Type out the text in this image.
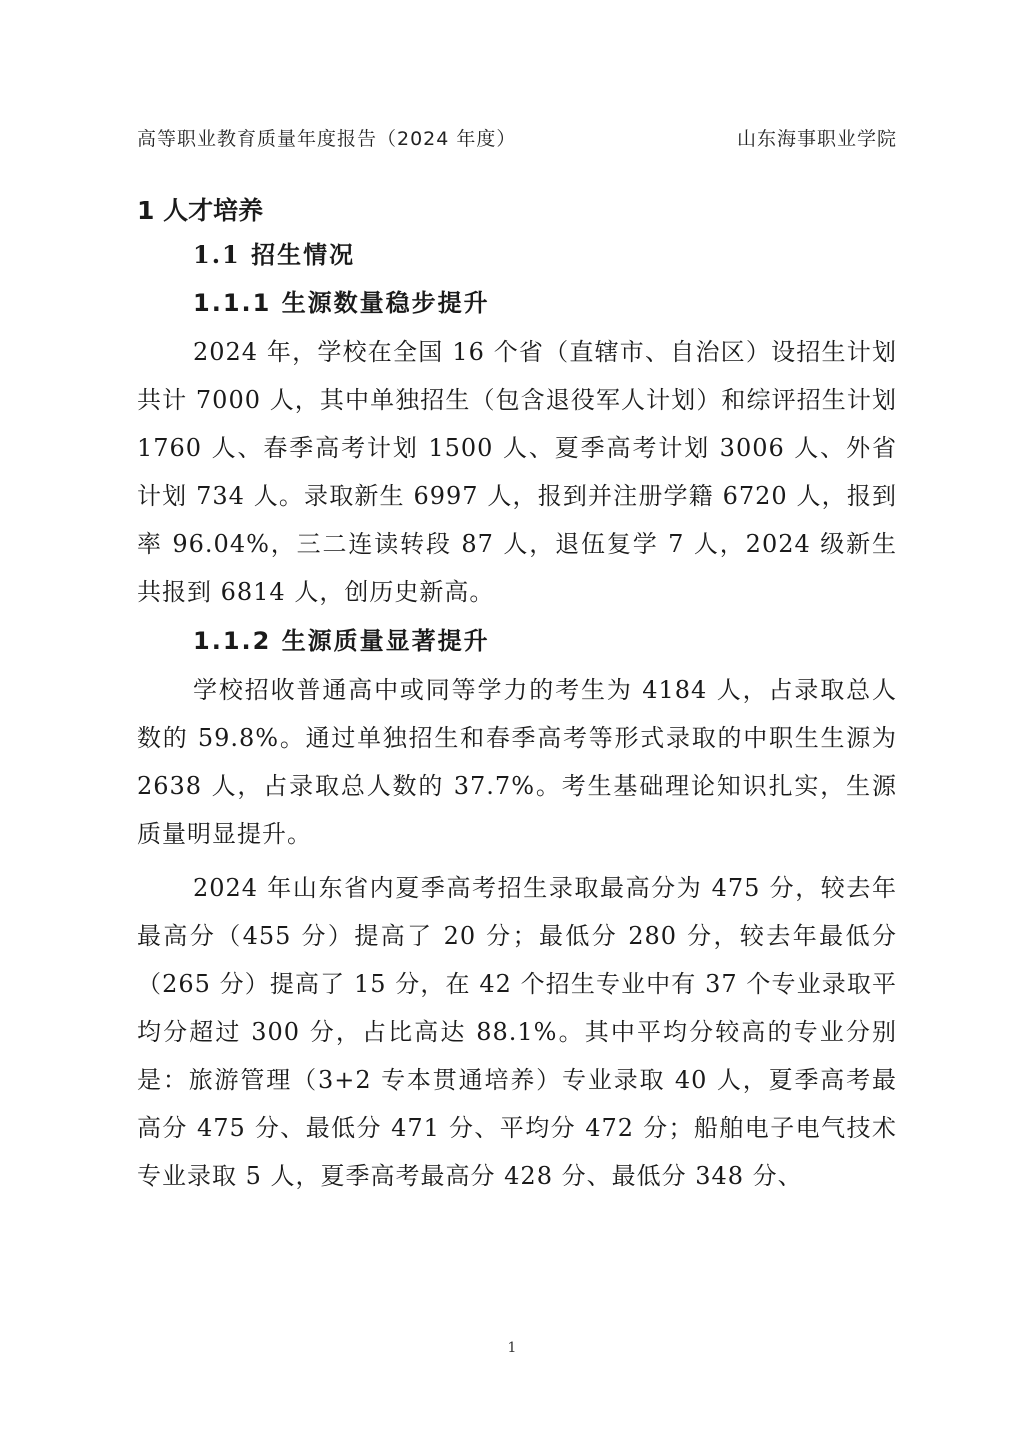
高等职业教育质量年度报告（2024 年度）	山东海事职业学院
1 人才培养
1.1 招生情况
1.1.1 生源数量稳步提升

2024 年，学校在全国 16 个省（直辖市、自治区）设招生计划共计 7000 人，其中单独招生（包含退役军人计划）和综评招生计划 1760 人、春季高考计划 1500 人、夏季高考计划 3006 人、外省计划 734 人。录取新生 6997 人，报到并注册学籍 6720 人，报到率 96.04%，三二连读转段 87 人，退伍复学 7 人，2024 级新生共报到 6814 人，创历史新高。

1.1.2 生源质量显著提升

学校招收普通高中或同等学力的考生为 4184 人，占录取总人数的 59.8%。通过单独招生和春季高考等形式录取的中职生生源为 2638 人，占录取总人数的 37.7%。考生基础理论知识扎实，生源质量明显提升。

2024 年山东省内夏季高考招生录取最高分为 475 分，较去年最高分（455 分）提高了 20 分；最低分 280 分，较去年最低分（265 分）提高了 15 分，在 42 个招生专业中有 37 个专业录取平均分超过 300 分，占比高达 88.1%。其中平均分较高的专业分别是：旅游管理（3+2 专本贯通培养）专业录取 40 人，夏季高考最高分 475 分、最低分 471 分、平均分 472 分；船舶电子电气技术专业录取 5 人，夏季高考最高分 428 分、最低分 348 分、

1
